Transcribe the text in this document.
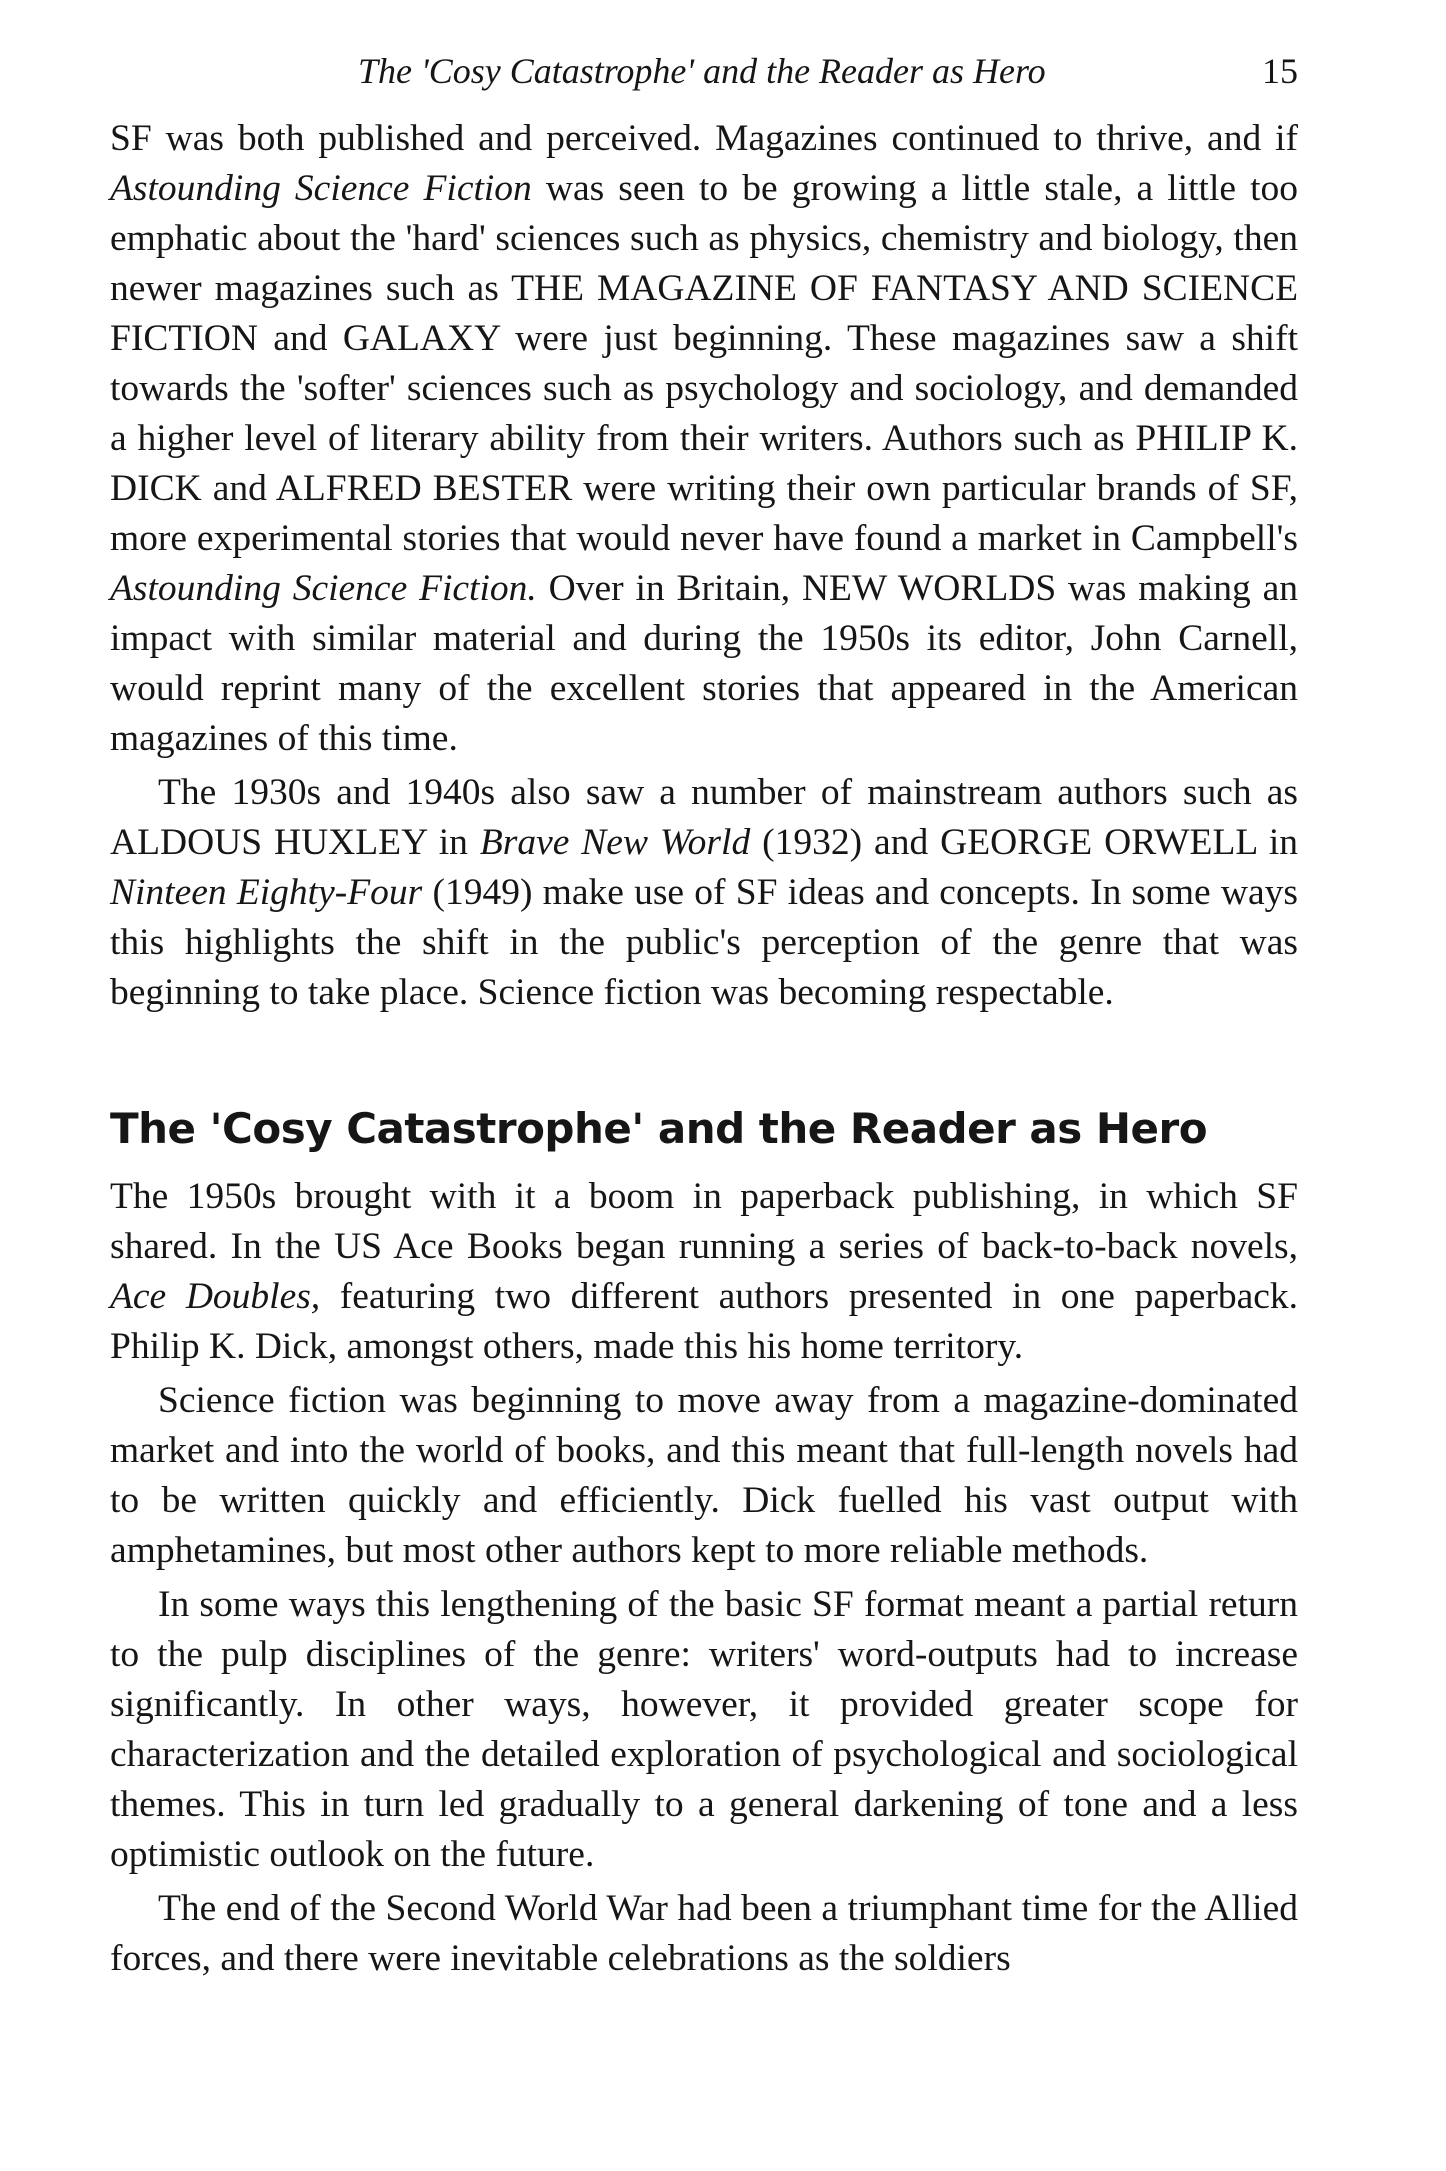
The 'Cosy Catastrophe' and the Reader as Hero	15

SF was both published and perceived. Magazines continued to thrive, and if Astounding Science Fiction was seen to be growing a little stale, a little too emphatic about the 'hard' sciences such as physics, chemistry and biology, then newer magazines such as THE MAGAZINE OF FANTASY AND SCIENCE FICTION and GALAXY were just beginning. These magazines saw a shift towards the 'softer' sciences such as psychology and sociology, and demanded a higher level of literary ability from their writers. Authors such as PHILIP K. DICK and ALFRED BESTER were writing their own particular brands of SF, more experimental stories that would never have found a market in Campbell's Astounding Science Fiction. Over in Britain, NEW WORLDS was making an impact with similar material and during the 1950s its editor, John Carnell, would reprint many of the excellent stories that appeared in the American magazines of this time.

The 1930s and 1940s also saw a number of mainstream authors such as ALDOUS HUXLEY in Brave New World (1932) and GEORGE ORWELL in Ninteen Eighty-Four (1949) make use of SF ideas and concepts. In some ways this highlights the shift in the public's perception of the genre that was beginning to take place. Science fiction was becoming respectable.

The 'Cosy Catastrophe' and the Reader as Hero

The 1950s brought with it a boom in paperback publishing, in which SF shared. In the US Ace Books began running a series of back-to-back novels, Ace Doubles, featuring two different authors presented in one paperback. Philip K. Dick, amongst others, made this his home territory.

Science fiction was beginning to move away from a magazine-dominated market and into the world of books, and this meant that full-length novels had to be written quickly and efficiently. Dick fuelled his vast output with amphetamines, but most other authors kept to more reliable methods.

In some ways this lengthening of the basic SF format meant a partial return to the pulp disciplines of the genre: writers' word-outputs had to increase significantly. In other ways, however, it provided greater scope for characterization and the detailed exploration of psychological and sociological themes. This in turn led gradually to a general darkening of tone and a less optimistic outlook on the future.

The end of the Second World War had been a triumphant time for the Allied forces, and there were inevitable celebrations as the soldiers
